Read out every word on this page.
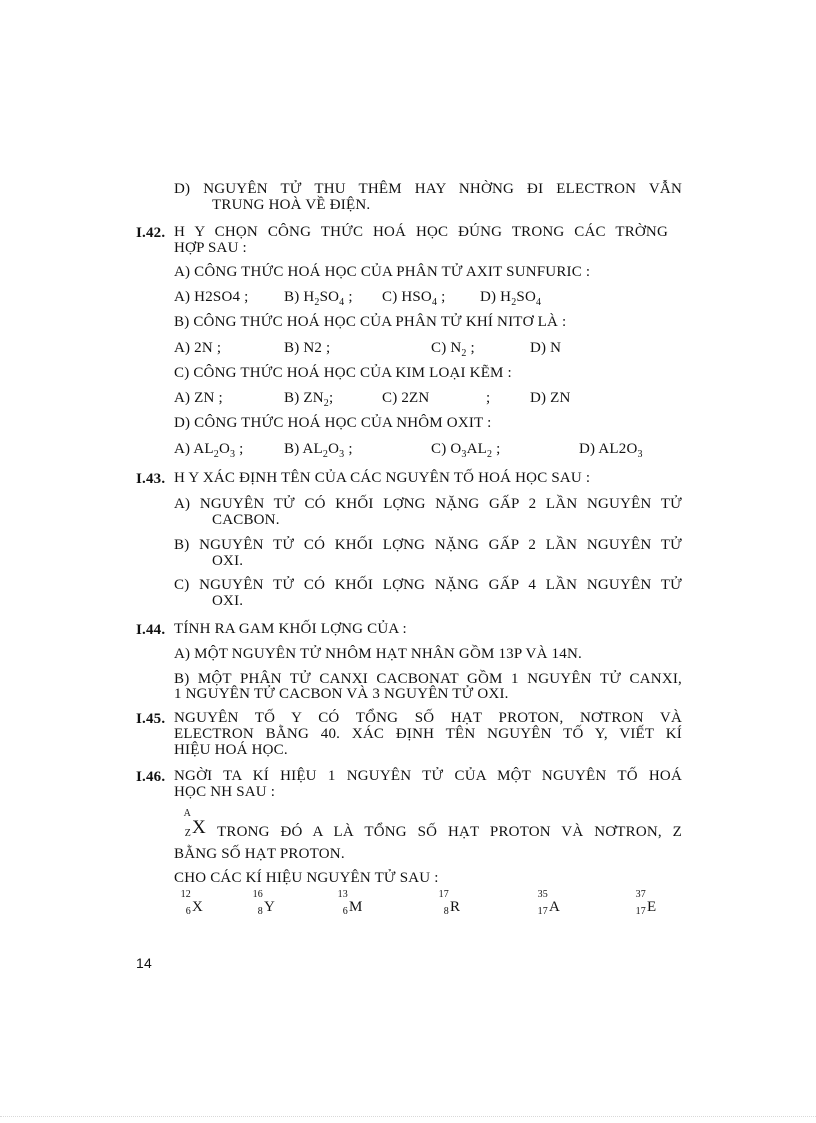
D) NGUYÊN TỬ THU THÊM HAY NHỜNG ĐI ELECTRON VẪN
TRUNG HOÀ VỀ ĐIỆN.
I.42. H Y CHỌN CÔNG THỨC HOÁ HỌC ĐÚNG TRONG CÁC TRỜNG
HỢP SAU :
A) CÔNG THỨC HOÁ HỌC CỦA PHÂN TỬ AXIT SUNFURIC :
A) H2SO4 ; B) $H_2SO_4$ ; C) $HSO_4$ ; D) $H_2SO_4$
B) CÔNG THỨC HOÁ HỌC CỦA PHÂN TỬ KHÍ NITƠ LÀ :
A) 2N ;	B) N2 ;	C) $N_2$ ;	D) N
C) CÔNG THỨC HOÁ HỌC CỦA KIM LOẠI KẼM :
A) ZN ;	B) $ZN_2$;	C) 2ZN	;	D) ZN
D) CÔNG THỨC HOÁ HỌC CỦA NHÔM OXIT :
A) $AL_2O_3$ ;	B) $AL_2O_3$ ;	C) $O_3AL_2$ ;	D) $AL2O_3$
I.43. H Y XÁC ĐỊNH TÊN CỦA CÁC NGUYÊN TỐ HOÁ HỌC SAU :
A) NGUYÊN TỬ CÓ KHỐI LỢNG NẶNG GẤP 2 LẦN NGUYÊN TỬ
CACBON.
B) NGUYÊN TỬ CÓ KHỐI LỢNG NẶNG GẤP 2 LẦN NGUYÊN TỬ
OXI.
C) NGUYÊN TỬ CÓ KHỐI LỢNG NẶNG GẤP 4 LẦN NGUYÊN TỬ
OXI.
I.44. TÍNH RA GAM KHỐI LỢNG CỦA :
A) MỘT NGUYÊN TỬ NHÔM HẠT NHÂN GỒM 13P VÀ 14N.
B) MỘT PHÂN TỬ CANXI CACBONAT GỒM 1 NGUYÊN TỬ CANXI,
1 NGUYÊN TỬ CACBON VÀ 3 NGUYÊN TỬ OXI.
I.45. NGUYÊN TỐ Y CÓ TỔNG SỐ HẠT PROTON, NƠTRON VÀ
ELECTRON BẰNG 40. XÁC ĐỊNH TÊN NGUYÊN TỐ Y, VIẾT KÍ
HIỆU HOÁ HỌC.
I.46. NGỜI TA KÍ HIỆU 1 NGUYÊN TỬ CỦA MỘT NGUYÊN TỐ HOÁ
HỌC NH SAU :
A
Z X TRONG ĐÓ A LÀ TỔNG SỐ HẠT PROTON VÀ NƠTRON, Z
BẰNG SỐ HẠT PROTON.
CHO CÁC KÍ HIỆU NGUYÊN TỬ SAU :
12
6 X
16
8 Y
13
6 M
17
8 R
35
17 A
37
17 E
14
